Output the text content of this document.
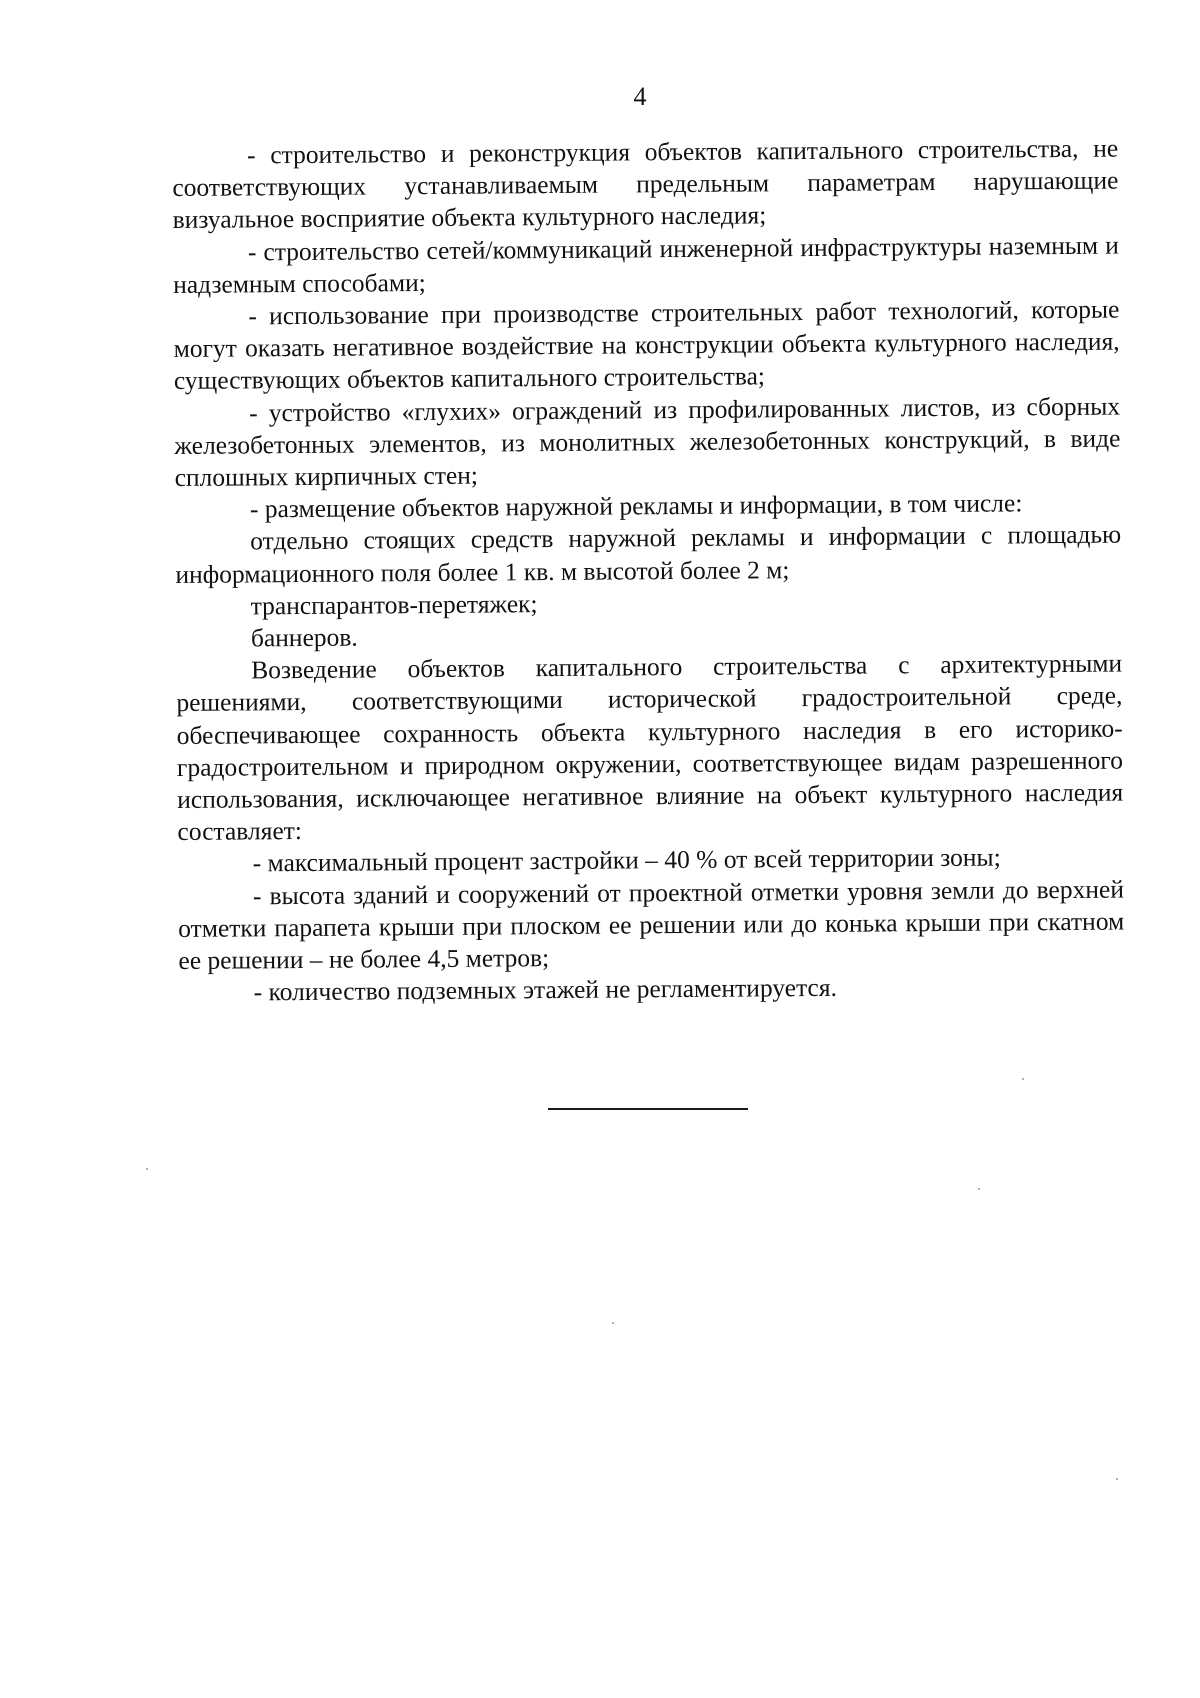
4

- строительство и реконструкция объектов капитального строительства, не соответствующих устанавливаемым предельным параметрам нарушающие визуальное восприятие объекта культурного наследия;

- строительство сетей/коммуникаций инженерной инфраструктуры наземным и надземным способами;

- использование при производстве строительных работ технологий, которые могут оказать негативное воздействие на конструкции объекта культурного наследия, существующих объектов капитального строительства;

- устройство «глухих» ограждений из профилированных листов, из сборных железобетонных элементов, из монолитных железобетонных конструкций, в виде сплошных кирпичных стен;

- размещение объектов наружной рекламы и информации, в том числе:

отдельно стоящих средств наружной рекламы и информации с площадью информационного поля более 1 кв. м высотой более 2 м;

транспарантов-перетяжек;

баннеров.

Возведение объектов капитального строительства с архитектурными решениями, соответствующими исторической градостроительной среде, обеспечивающее сохранность объекта культурного наследия в его историко-градостроительном и природном окружении, соответствующее видам разрешенного использования, исключающее негативное влияние на объект культурного наследия составляет:

- максимальный процент застройки – 40 % от всей территории зоны;

- высота зданий и сооружений от проектной отметки уровня земли до верхней отметки парапета крыши при плоском ее решении или до конька крыши при скатном ее решении – не более 4,5 метров;

- количество подземных этажей не регламентируется.
